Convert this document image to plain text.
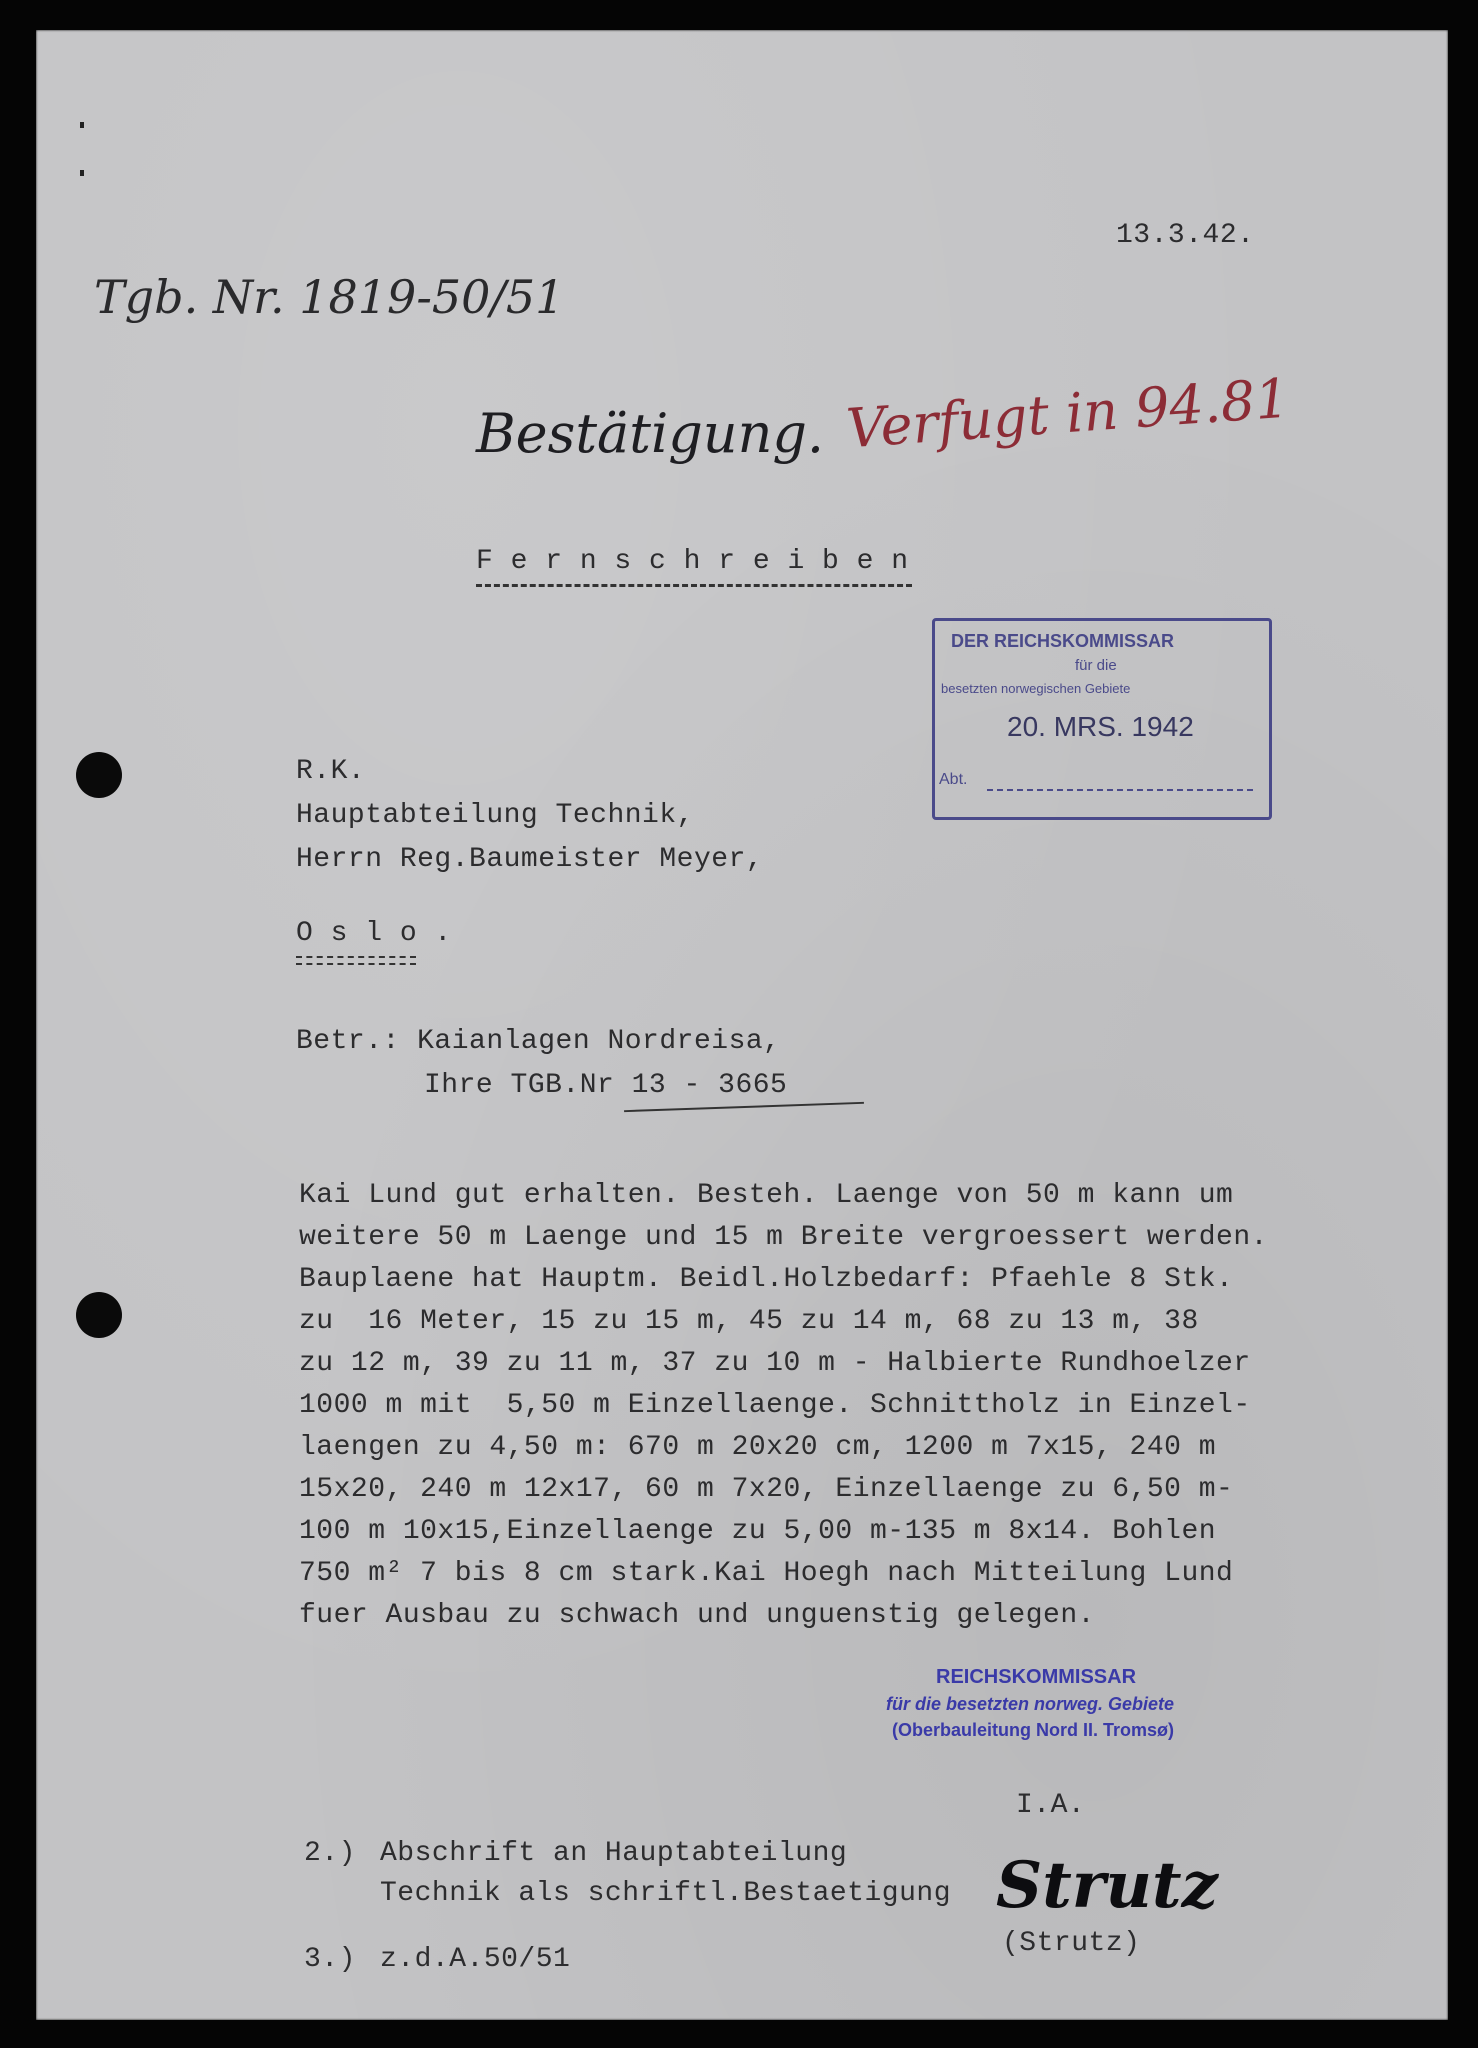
13.3.42.
Tgb. Nr. 1819-50/51
Bestätigung. Verfugt in 94.81
F e r n s c h r e i b e n
DER REICHSKOMMISSAR
für die
besetzten norwegischen Gebiete
20. MRS. 1942
Abt.
R.K.
Hauptabteilung Technik,
Herrn Reg.Baumeister Meyer,
O s l o .
Betr.: Kaianlagen Nordreisa,
Ihre TGB.Nr 13 - 3665
Kai Lund gut erhalten. Besteh. Laenge von 50 m kann um
weitere 50 m Laenge und 15 m Breite vergroessert werden.
Bauplaene hat Hauptm. Beidl.Holzbedarf: Pfaehle 8 Stk.
zu  16 Meter, 15 zu 15 m, 45 zu 14 m, 68 zu 13 m, 38
zu 12 m, 39 zu 11 m, 37 zu 10 m - Halbierte Rundhoelzer
1000 m mit  5,50 m Einzellaenge. Schnittholz in Einzel-
laengen zu 4,50 m: 670 m 20x20 cm, 1200 m 7x15, 240 m
15x20, 240 m 12x17, 60 m 7x20, Einzellaenge zu 6,50 m-
100 m 10x15,Einzellaenge zu 5,00 m-135 m 8x14. Bohlen
750 m² 7 bis 8 cm stark.Kai Hoegh nach Mitteilung Lund
fuer Ausbau zu schwach und unguenstig gelegen.
REICHSKOMMISSAR
für die besetzten norweg. Gebiete
(Oberbauleitung Nord II. Tromsø)
I.A.
2.) Abschrift an Hauptabteilung
Technik als schriftl.Bestaetigung Strutz
(Strutz)
3.) z.d.A.50/51
